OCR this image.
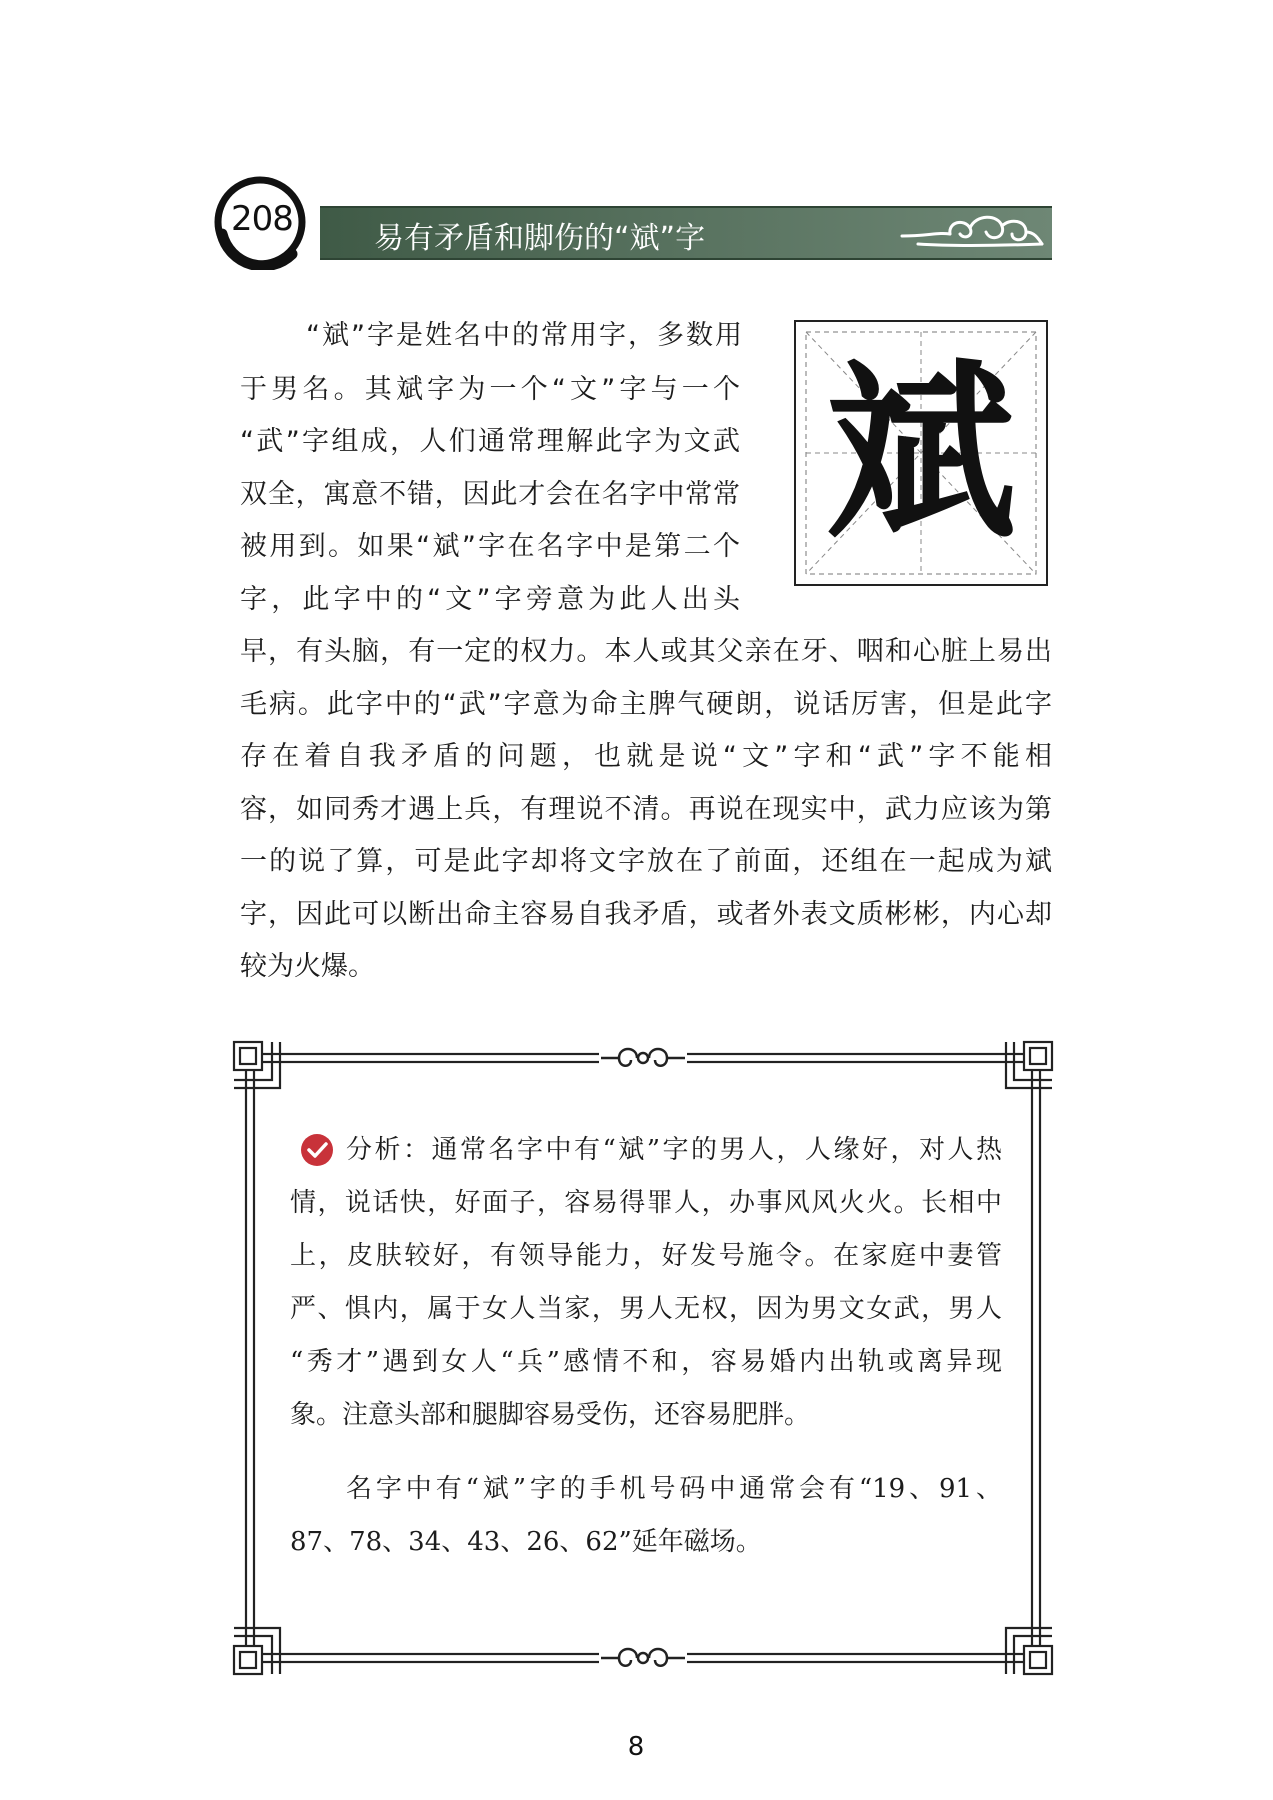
208	易有矛盾和脚伤的“斌”字
斌
“斌”字是姓名中的常用字，多数用
于男名。其斌字为一个“文”字与一个
“武”字组成，人们通常理解此字为文武
双全，寓意不错，因此才会在名字中常常
被用到。如果“斌”字在名字中是第二个
字，此字中的“文”字旁意为此人出头
早，有头脑，有一定的权力。本人或其父亲在牙、咽和心脏上易出
毛病。此字中的“武”字意为命主脾气硬朗，说话厉害，但是此字
存在着自我矛盾的问题，也就是说“文”字和“武”字不能相
容，如同秀才遇上兵，有理说不清。再说在现实中，武力应该为第
一的说了算，可是此字却将文字放在了前面，还组在一起成为斌
字，因此可以断出命主容易自我矛盾，或者外表文质彬彬，内心却
较为火爆。
分析：通常名字中有“斌”字的男人，人缘好，对人热
情，说话快，好面子，容易得罪人，办事风风火火。长相中
上，皮肤较好，有领导能力，好发号施令。在家庭中妻管
严、惧内，属于女人当家，男人无权，因为男文女武，男人
“秀才”遇到女人“兵”感情不和，容易婚内出轨或离异现
象。注意头部和腿脚容易受伤，还容易肥胖。
名字中有“斌”字的手机号码中通常会有“19、91、
87、78、34、43、26、62”延年磁场。
8
